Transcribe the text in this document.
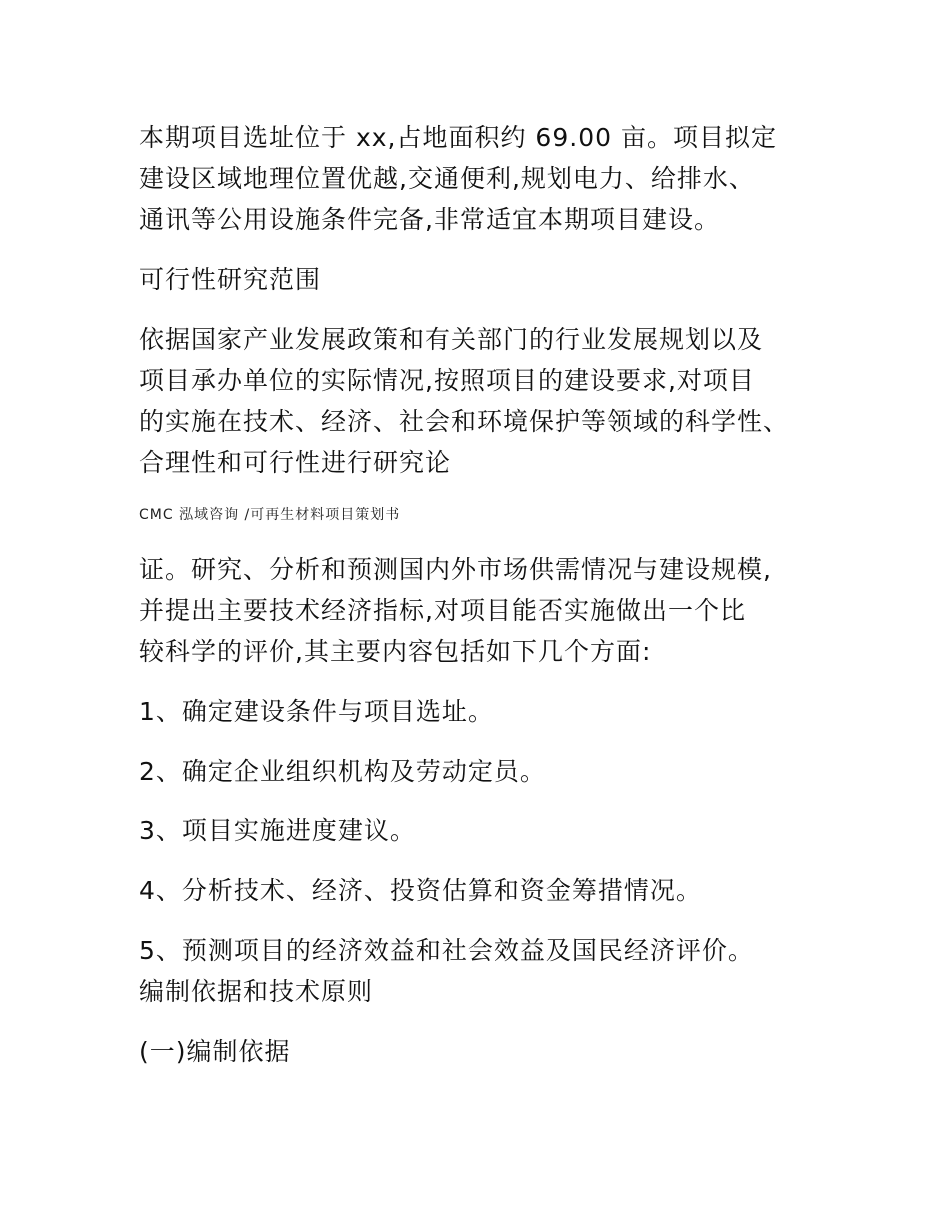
本期项目选址位于 xx,占地面积约 69.00 亩。项目拟定
建设区域地理位置优越,交通便利,规划电力、给排水、
通讯等公用设施条件完备,非常适宜本期项目建设。
可行性研究范围
依据国家产业发展政策和有关部门的行业发展规划以及
项目承办单位的实际情况,按照项目的建设要求,对项目
的实施在技术、经济、社会和环境保护等领域的科学性、
合理性和可行性进行研究论
CMC 泓域咨询 /可再生材料项目策划书
证。研究、分析和预测国内外市场供需情况与建设规模,
并提出主要技术经济指标,对项目能否实施做出一个比
较科学的评价,其主要内容包括如下几个方面:
1、确定建设条件与项目选址。
2、确定企业组织机构及劳动定员。
3、项目实施进度建议。
4、分析技术、经济、投资估算和资金筹措情况。
5、预测项目的经济效益和社会效益及国民经济评价。
编制依据和技术原则
(一)编制依据
